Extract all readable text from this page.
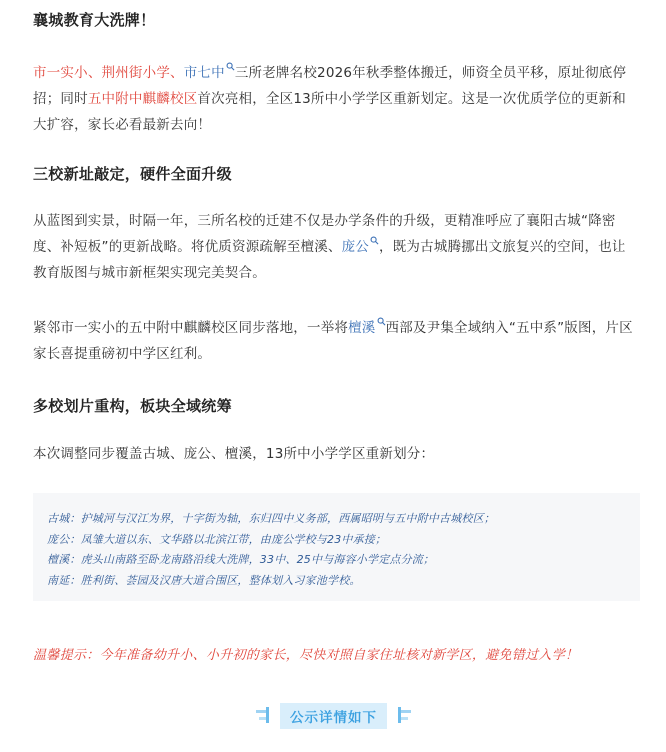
襄城教育大洗牌！

市一实小、荆州街小学、市七中 三所老牌名校2026年秋季整体搬迁，师资全员平移，原址彻底停招；同时五中附中麒麟校区首次亮相，全区13所中小学学区重新划定。这是一次优质学位的更新和大扩容，家长必看最新去向！

三校新址敲定，硬件全面升级

从蓝图到实景，时隔一年，三所名校的迁建不仅是办学条件的升级，更精准呼应了襄阳古城“降密度、补短板”的更新战略。将优质资源疏解至檀溪、庞公 ，既为古城腾挪出文旅复兴的空间，也让教育版图与城市新框架实现完美契合。

紧邻市一实小的五中附中麒麟校区同步落地，一举将檀溪 西部及尹集全域纳入“五中系”版图，片区家长喜提重磅初中学区红利。

多校划片重构，板块全域统筹

本次调整同步覆盖古城、庞公、檀溪，13所中小学学区重新划分：

古城：护城河与汉江为界，十字街为轴，东归四中义务部，西属昭明与五中附中古城校区；
庞公：凤雏大道以东、文华路以北滨江带，由庞公学校与23中承接；
檀溪：虎头山南路至卧龙南路沿线大洗牌，33中、25中与海容小学定点分流；
南延：胜利街、荟园及汉唐大道合围区，整体划入习家池学校。

温馨提示：今年准备幼升小、小升初的家长，尽快对照自家住址核对新学区，避免错过入学！

公示详情如下
